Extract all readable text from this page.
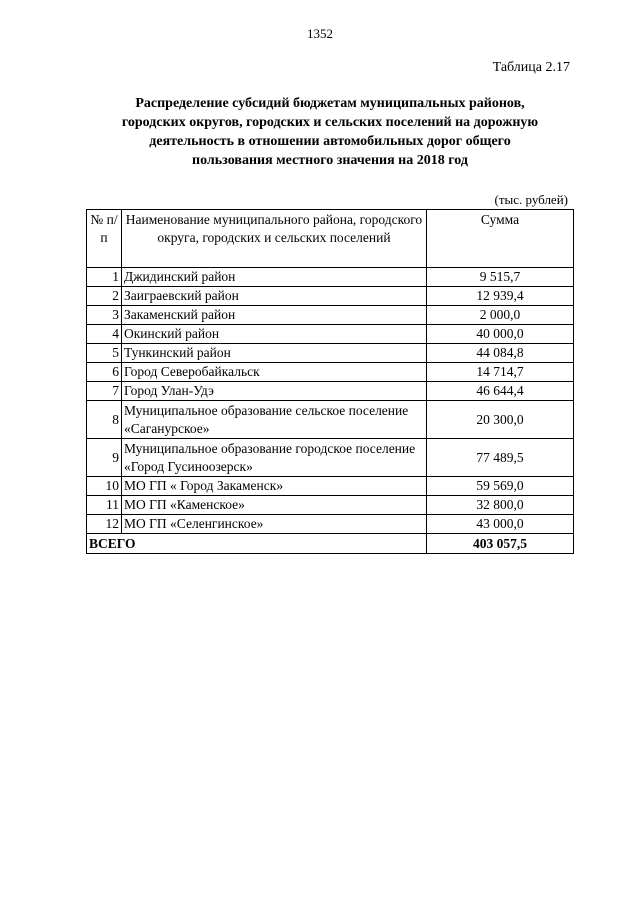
1352
Таблица 2.17
Распределение субсидий бюджетам муниципальных районов,
городских округов, городских и сельских поселений на дорожную
деятельность в отношении автомобильных дорог общего
пользования местного значения на 2018 год
(тыс. рублей)
№ п/п	Наименование муниципального района, городского округа, городских и сельских поселений	Сумма
1	Джидинский район	9 515,7
2	Заиграевский район	12 939,4
3	Закаменский район	2 000,0
4	Окинский район	40 000,0
5	Тункинский район	44 084,8
6	Город Северобайкальск	14 714,7
7	Город Улан-Удэ	46 644,4
8	Муниципальное образование сельское поселение «Саганурское»	20 300,0
9	Муниципальное образование городское поселение «Город Гусиноозерск»	77 489,5
10	МО ГП « Город Закаменск»	59 569,0
11	МО ГП «Каменское»	32 800,0
12	МО ГП «Селенгинское»	43 000,0
ВСЕГО		403 057,5
